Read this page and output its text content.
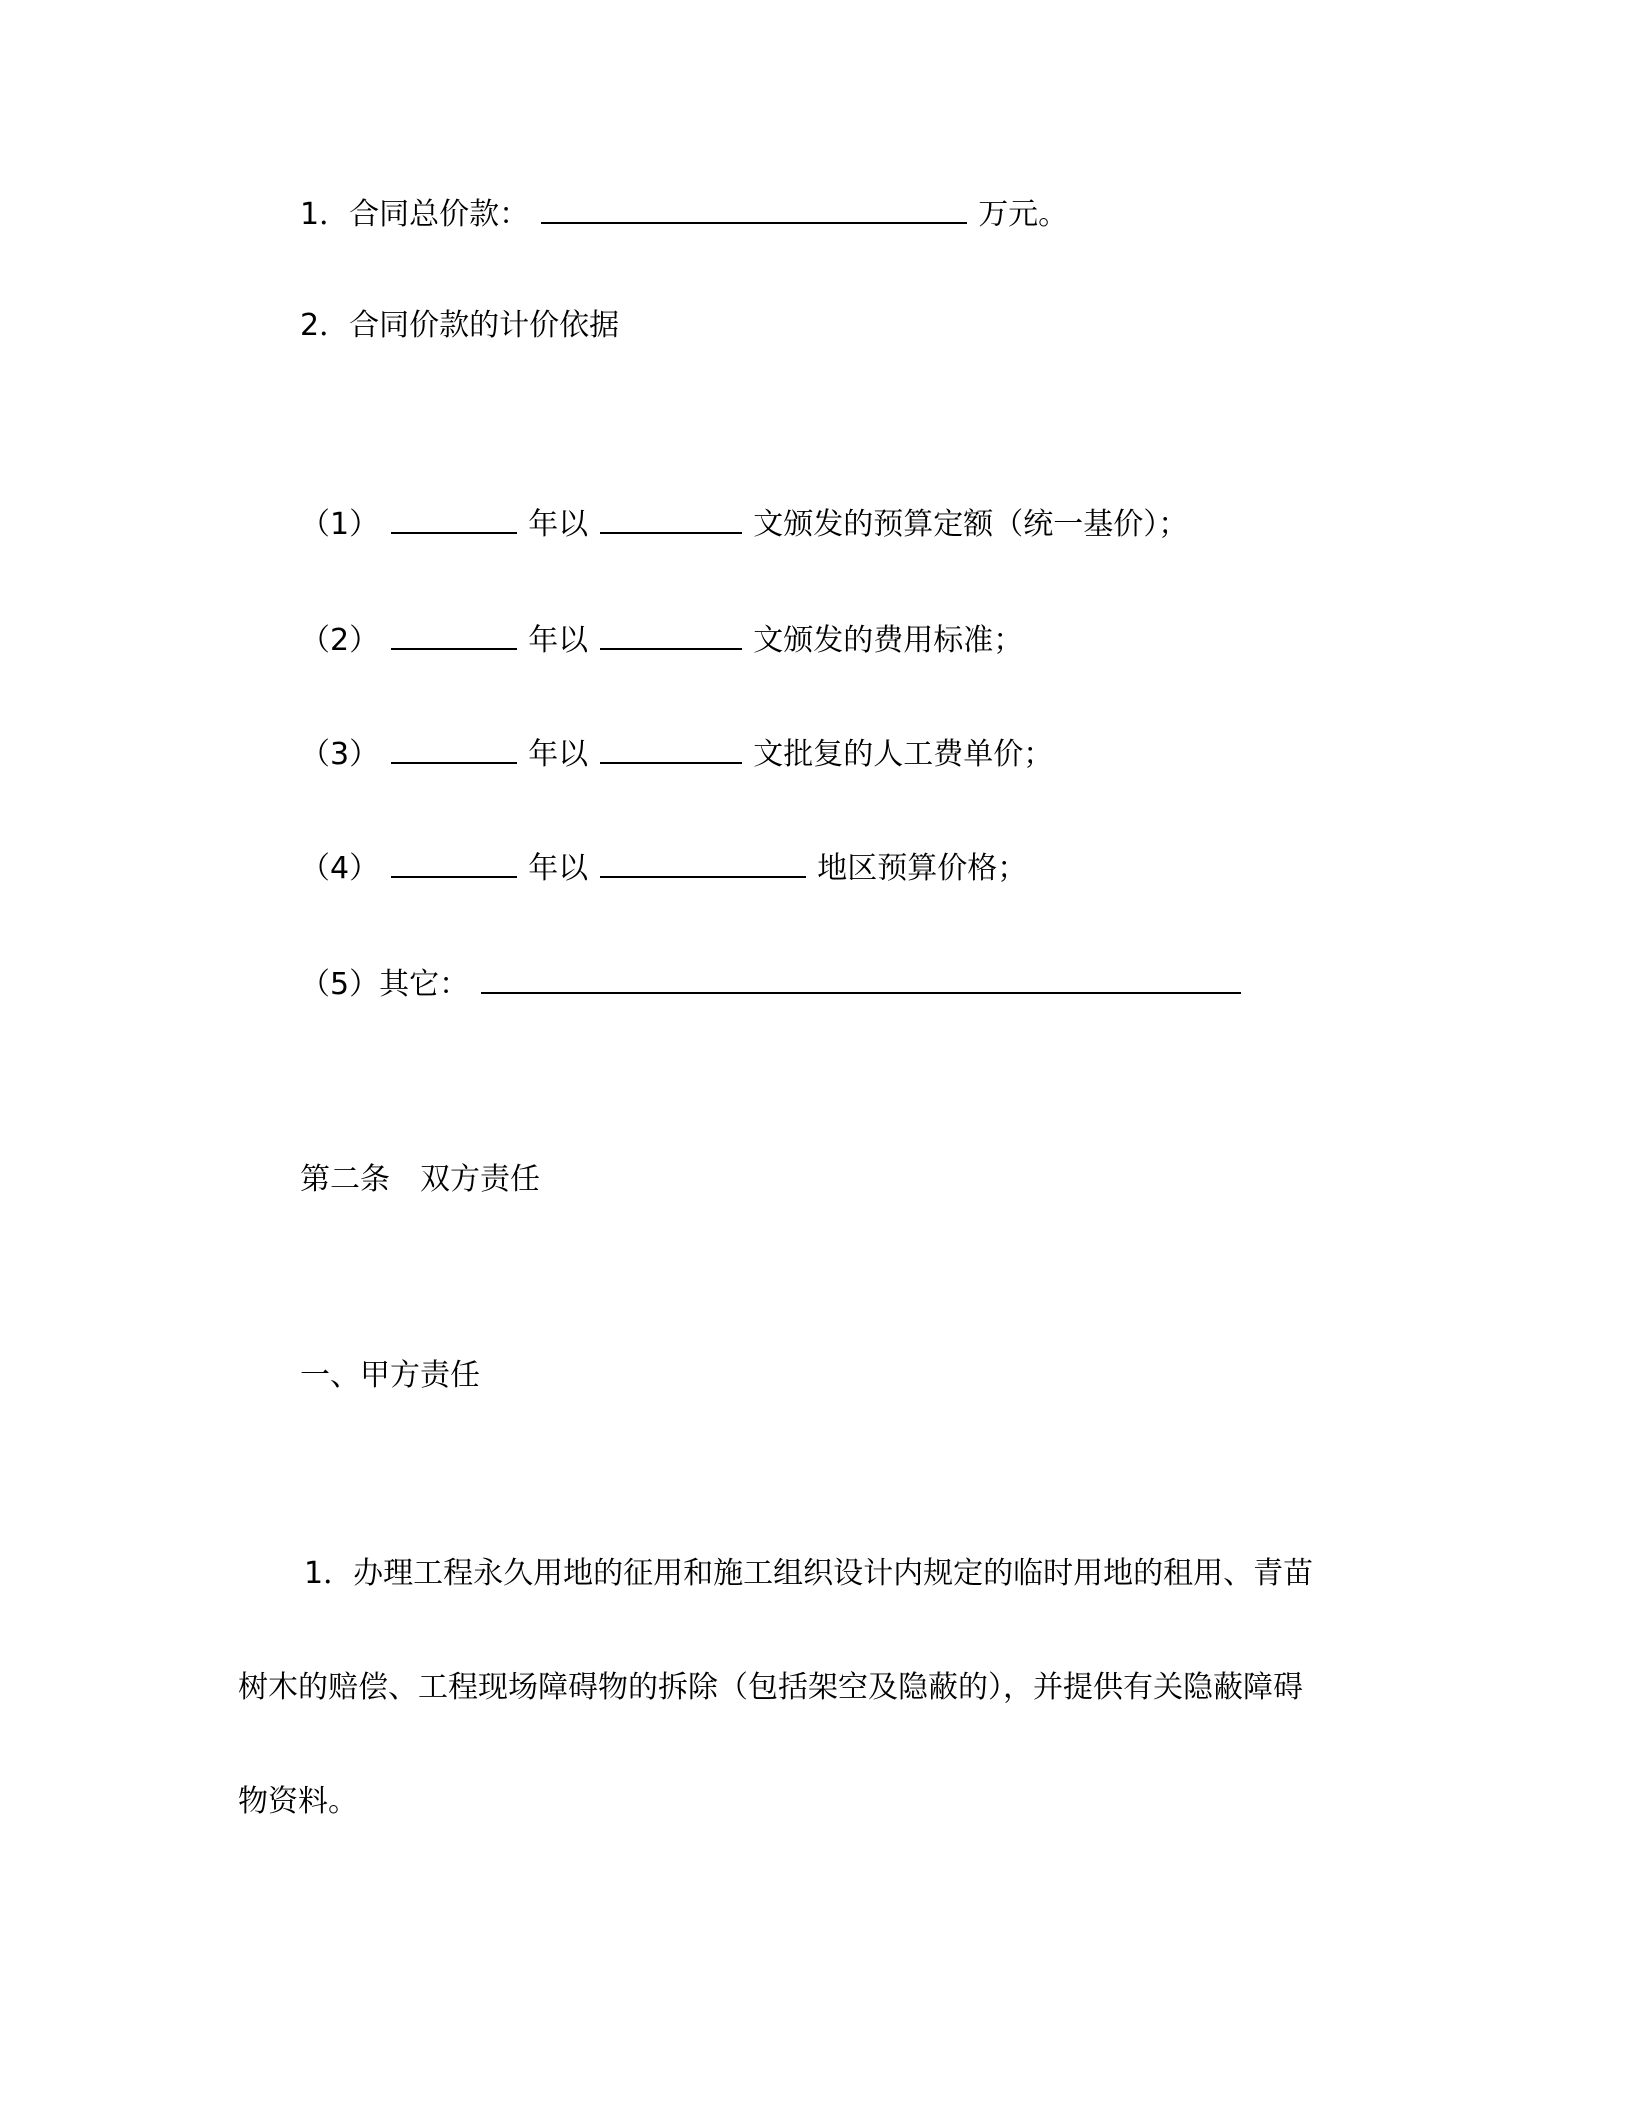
1．合同总价款：	万元。
2．合同价款的计价依据
（1）	年以	文颁发的预算定额（统一基价）；
（2）	年以	文颁发的费用标准；
（3）	年以	文批复的人工费单价；
（4）	年以	地区预算价格；
（5）其它：
第二条　双方责任
一、甲方责任
1．办理工程永久用地的征用和施工组织设计内规定的临时用地的租用、青苗
树木的赔偿、工程现场障碍物的拆除（包括架空及隐蔽的），并提供有关隐蔽障碍
物资料。
